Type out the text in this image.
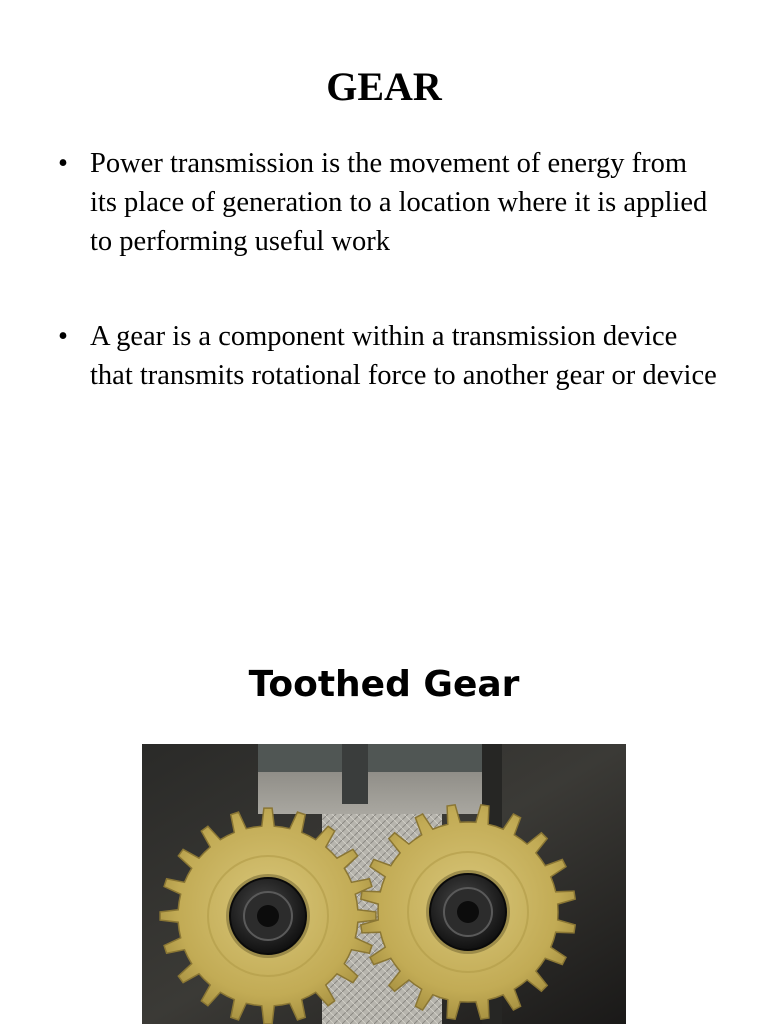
GEAR
• Power transmission is the movement of energy from its place of generation to a location where it is applied to performing useful work
• A gear is a component within a transmission device that transmits rotational force to another gear or device
Toothed Gear
